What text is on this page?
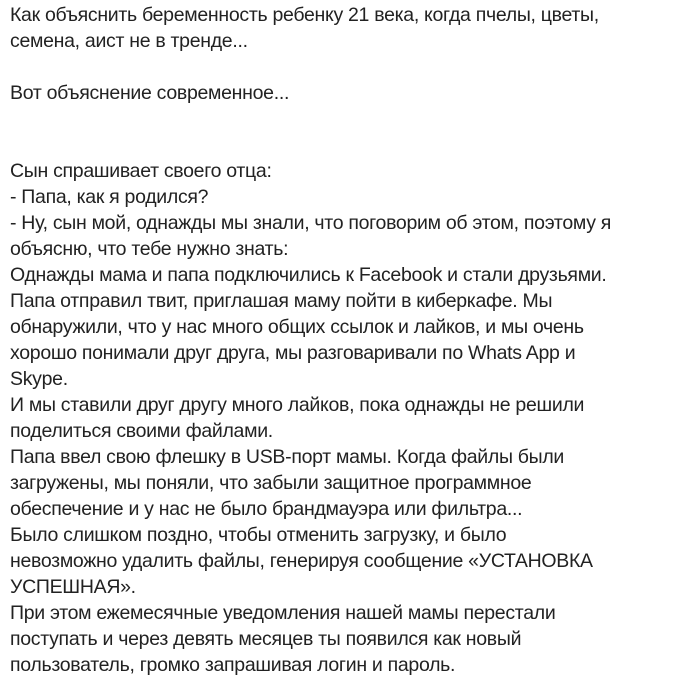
Как объяснить беременность ребенку 21 века, когда пчелы, цветы,

семена, аист не в тренде...

Вот объяснение современное...

Сын спрашивает своего отца:

- Папа, как я родился?

- Ну, сын мой, однажды мы знали, что поговорим об этом, поэтому я

объясню, что тебе нужно знать:

Однажды мама и папа подключились к Facebook и стали друзьями.

Папа отправил твит, приглашая маму пойти в киберкафе. Мы

обнаружили, что у нас много общих ссылок и лайков, и мы очень

хорошо понимали друг друга, мы разговаривали по Whats App и

Skype.

И мы ставили друг другу много лайков, пока однажды не решили

поделиться своими файлами.

Папа ввел свою флешку в USB-порт мамы. Когда файлы были

загружены, мы поняли, что забыли защитное программное

обеспечение и у нас не было брандмауэра или фильтра...

Было слишком поздно, чтобы отменить загрузку, и было

невозможно удалить файлы, генерируя сообщение «УСТАНОВКА

УСПЕШНАЯ».

При этом ежемесячные уведомления нашей мамы перестали

поступать и через девять месяцев ты появился как новый

пользователь, громко запрашивая логин и пароль.
